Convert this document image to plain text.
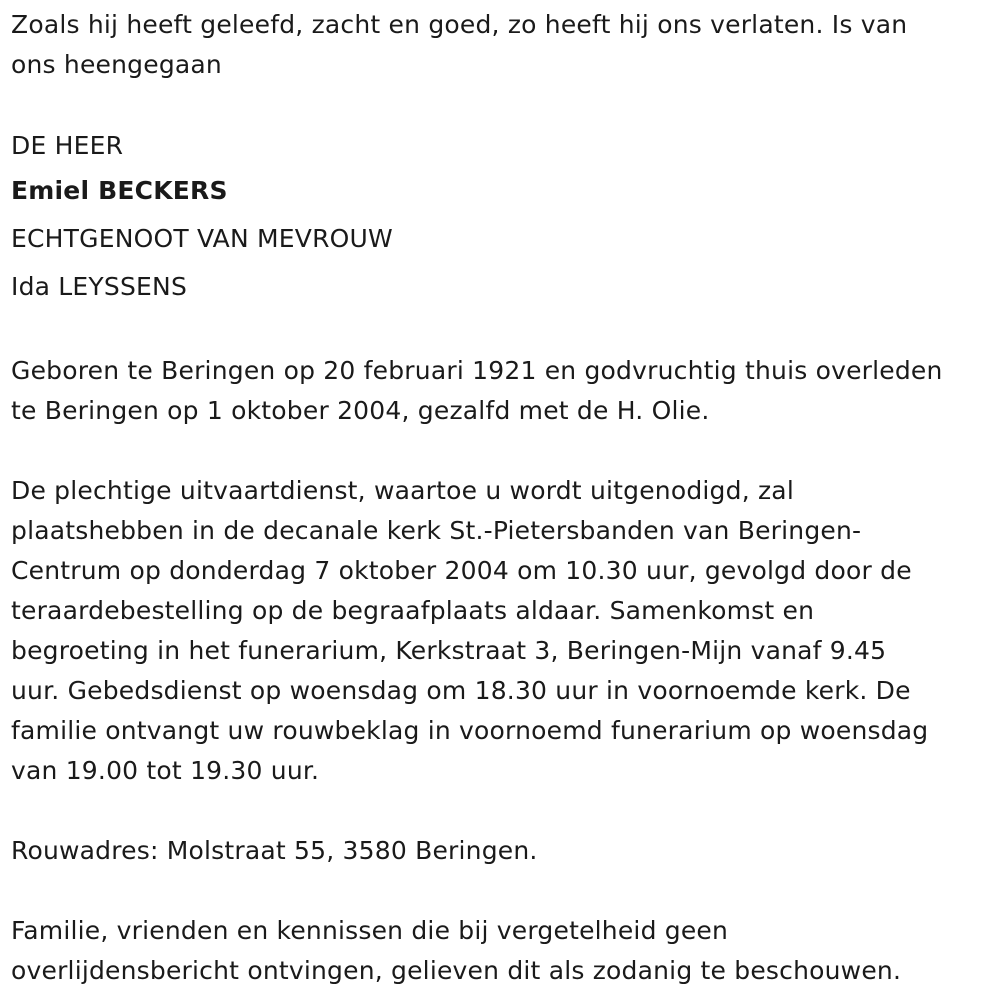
Zoals hij heeft geleefd, zacht en goed, zo heeft hij ons verlaten. Is van
ons heengegaan

DE HEER
Emiel BECKERS
ECHTGENOOT VAN MEVROUW
Ida LEYSSENS

Geboren te Beringen op 20 februari 1921 en godvruchtig thuis overleden
te Beringen op 1 oktober 2004, gezalfd met de H. Olie.

De plechtige uitvaartdienst, waartoe u wordt uitgenodigd, zal
plaatshebben in de decanale kerk St.-Pietersbanden van Beringen-
Centrum op donderdag 7 oktober 2004 om 10.30 uur, gevolgd door de
teraardebestelling op de begraafplaats aldaar. Samenkomst en
begroeting in het funerarium, Kerkstraat 3, Beringen-Mijn vanaf 9.45
uur. Gebedsdienst op woensdag om 18.30 uur in voornoemde kerk. De
familie ontvangt uw rouwbeklag in voornoemd funerarium op woensdag
van 19.00 tot 19.30 uur.

Rouwadres: Molstraat 55, 3580 Beringen.

Familie, vrienden en kennissen die bij vergetelheid geen
overlijdensbericht ontvingen, gelieven dit als zodanig te beschouwen.
